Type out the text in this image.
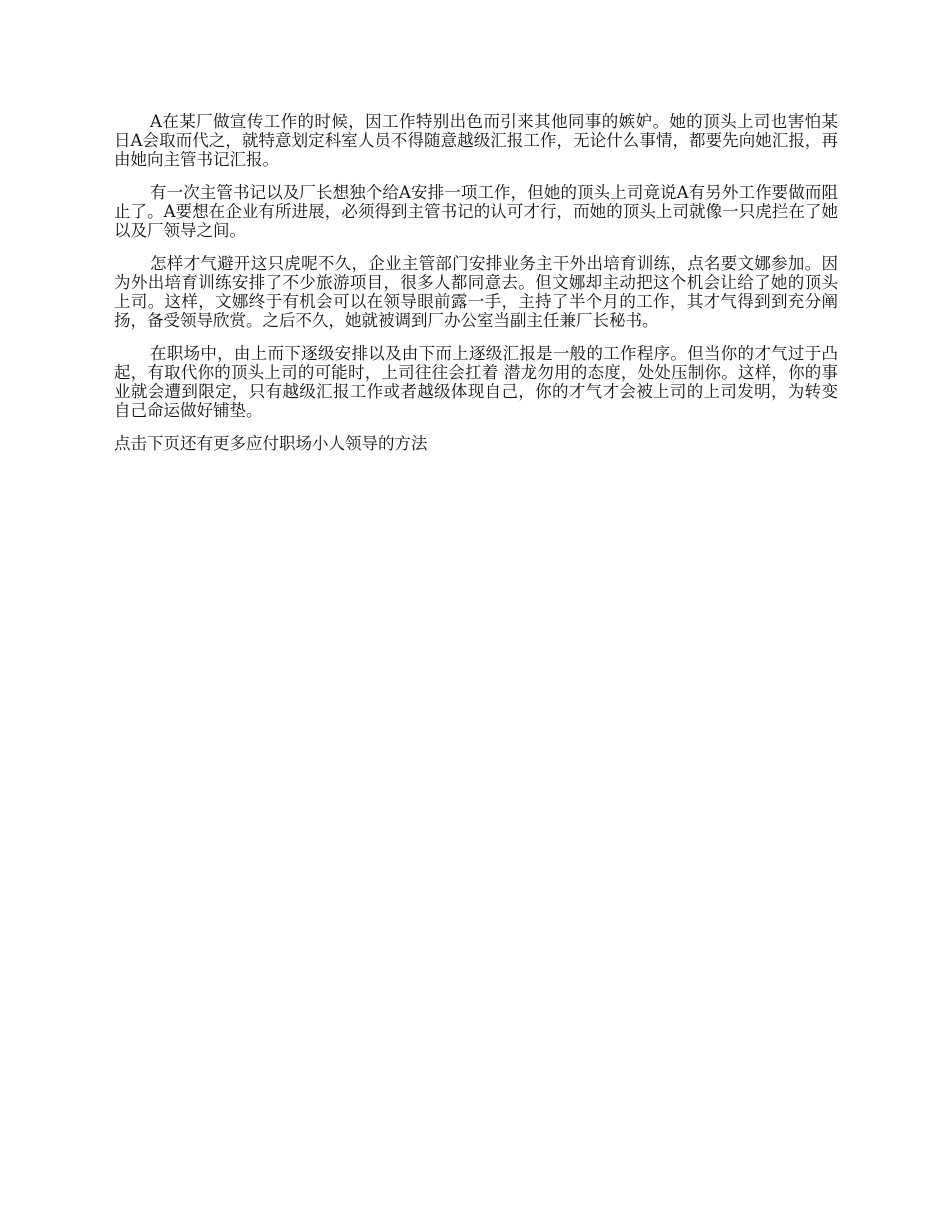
A在某厂做宣传工作的时候，因工作特别出色而引来其他同事的嫉妒。她的顶头上司也害怕某日A会取而代之，就特意划定科室人员不得随意越级汇报工作，无论什么事情，都要先向她汇报，再由她向主管书记汇报。

有一次主管书记以及厂长想独个给A安排一项工作，但她的顶头上司竟说A有另外工作要做而阻止了。A要想在企业有所进展，必须得到主管书记的认可才行，而她的顶头上司就像一只虎拦在了她以及厂领导之间。

怎样才气避开这只虎呢不久，企业主管部门安排业务主干外出培育训练，点名要文娜参加。因为外出培育训练安排了不少旅游项目，很多人都同意去。但文娜却主动把这个机会让给了她的顶头上司。这样，文娜终于有机会可以在领导眼前露一手，主持了半个月的工作，其才气得到到充分阐扬，备受领导欣赏。之后不久，她就被调到厂办公室当副主任兼厂长秘书。

在职场中，由上而下逐级安排以及由下而上逐级汇报是一般的工作程序。但当你的才气过于凸起，有取代你的顶头上司的可能时，上司往往会扛着 潜龙勿用的态度，处处压制你。这样，你的事业就会遭到限定，只有越级汇报工作或者越级体现自己，你的才气才会被上司的上司发明，为转变自己命运做好铺垫。

点击下页还有更多应付职场小人领导的方法
